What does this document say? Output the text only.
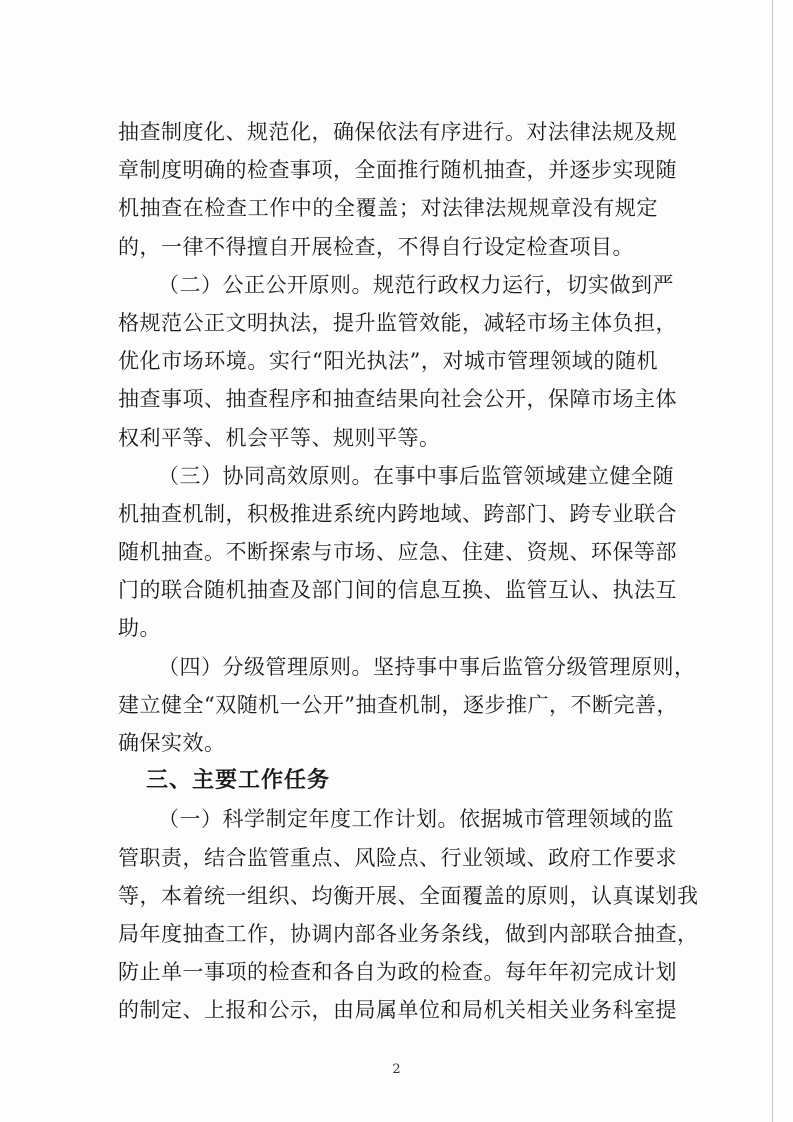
抽查制度化、规范化，确保依法有序进行。对法律法规及规
章制度明确的检查事项，全面推行随机抽查，并逐步实现随
机抽查在检查工作中的全覆盖；对法律法规规章没有规定
的，一律不得擅自开展检查，不得自行设定检查项目。
（二）公正公开原则。规范行政权力运行，切实做到严
格规范公正文明执法，提升监管效能，减轻市场主体负担，
优化市场环境。实行“阳光执法”，对城市管理领域的随机
抽查事项、抽查程序和抽查结果向社会公开，保障市场主体
权利平等、机会平等、规则平等。
（三）协同高效原则。在事中事后监管领域建立健全随
机抽查机制，积极推进系统内跨地域、跨部门、跨专业联合
随机抽查。不断探索与市场、应急、住建、资规、环保等部
门的联合随机抽查及部门间的信息互换、监管互认、执法互
助。
（四）分级管理原则。坚持事中事后监管分级管理原则，
建立健全“双随机一公开”抽查机制，逐步推广，不断完善，
确保实效。
三、主要工作任务
（一）科学制定年度工作计划。依据城市管理领域的监
管职责，结合监管重点、风险点、行业领域、政府工作要求
等，本着统一组织、均衡开展、全面覆盖的原则，认真谋划我
局年度抽查工作，协调内部各业务条线，做到内部联合抽查，
防止单一事项的检查和各自为政的检查。每年年初完成计划
的制定、上报和公示，由局属单位和局机关相关业务科室提
2
